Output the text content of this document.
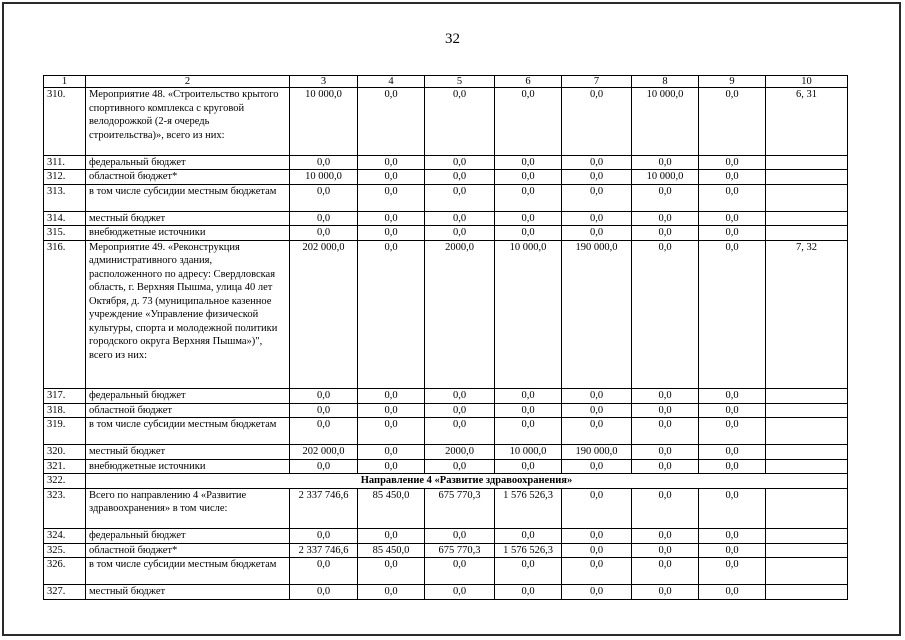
32
1	2	3	4	5	6	7	8	9	10
310.	Мероприятие 48. «Строительство крытого спортивного комплекса с круговой велодорожкой (2-я очередь строительства)», всего из них:	10 000,0	0,0	0,0	0,0	0,0	10 000,0	0,0	6, 31
311.	федеральный бюджет	0,0	0,0	0,0	0,0	0,0	0,0	0,0	
312.	областной бюджет*	10 000,0	0,0	0,0	0,0	0,0	10 000,0	0,0	
313.	в том числе субсидии местным бюджетам	0,0	0,0	0,0	0,0	0,0	0,0	0,0	
314.	местный бюджет	0,0	0,0	0,0	0,0	0,0	0,0	0,0	
315.	внебюджетные источники	0,0	0,0	0,0	0,0	0,0	0,0	0,0	
316.	Мероприятие 49. «Реконструкция административного здания, расположенного по адресу: Свердловская область, г. Верхняя Пышма, улица 40 лет Октября, д. 73 (муниципальное казенное учреждение «Управление физической культуры, спорта и молодежной политики городского округа Верхняя Пышма»)", всего из них:	202 000,0	0,0	2000,0	10 000,0	190 000,0	0,0	0,0	7, 32
317.	федеральный бюджет	0,0	0,0	0,0	0,0	0,0	0,0	0,0	
318.	областной бюджет	0,0	0,0	0,0	0,0	0,0	0,0	0,0	
319.	в том числе субсидии местным бюджетам	0,0	0,0	0,0	0,0	0,0	0,0	0,0	
320.	местный бюджет	202 000,0	0,0	2000,0	10 000,0	190 000,0	0,0	0,0	
321.	внебюджетные источники	0,0	0,0	0,0	0,0	0,0	0,0	0,0	
322.	Направление 4 «Развитие здравоохранения»								
323.	Всего по направлению 4 «Развитие здравоохранения» в том числе:	2 337 746,6	85 450,0	675 770,3	1 576 526,3	0,0	0,0	0,0	
324.	федеральный бюджет	0,0	0,0	0,0	0,0	0,0	0,0	0,0	
325.	областной бюджет*	2 337 746,6	85 450,0	675 770,3	1 576 526,3	0,0	0,0	0,0	
326.	в том числе субсидии местным бюджетам	0,0	0,0	0,0	0,0	0,0	0,0	0,0	
327.	местный бюджет	0,0	0,0	0,0	0,0	0,0	0,0	0,0	
